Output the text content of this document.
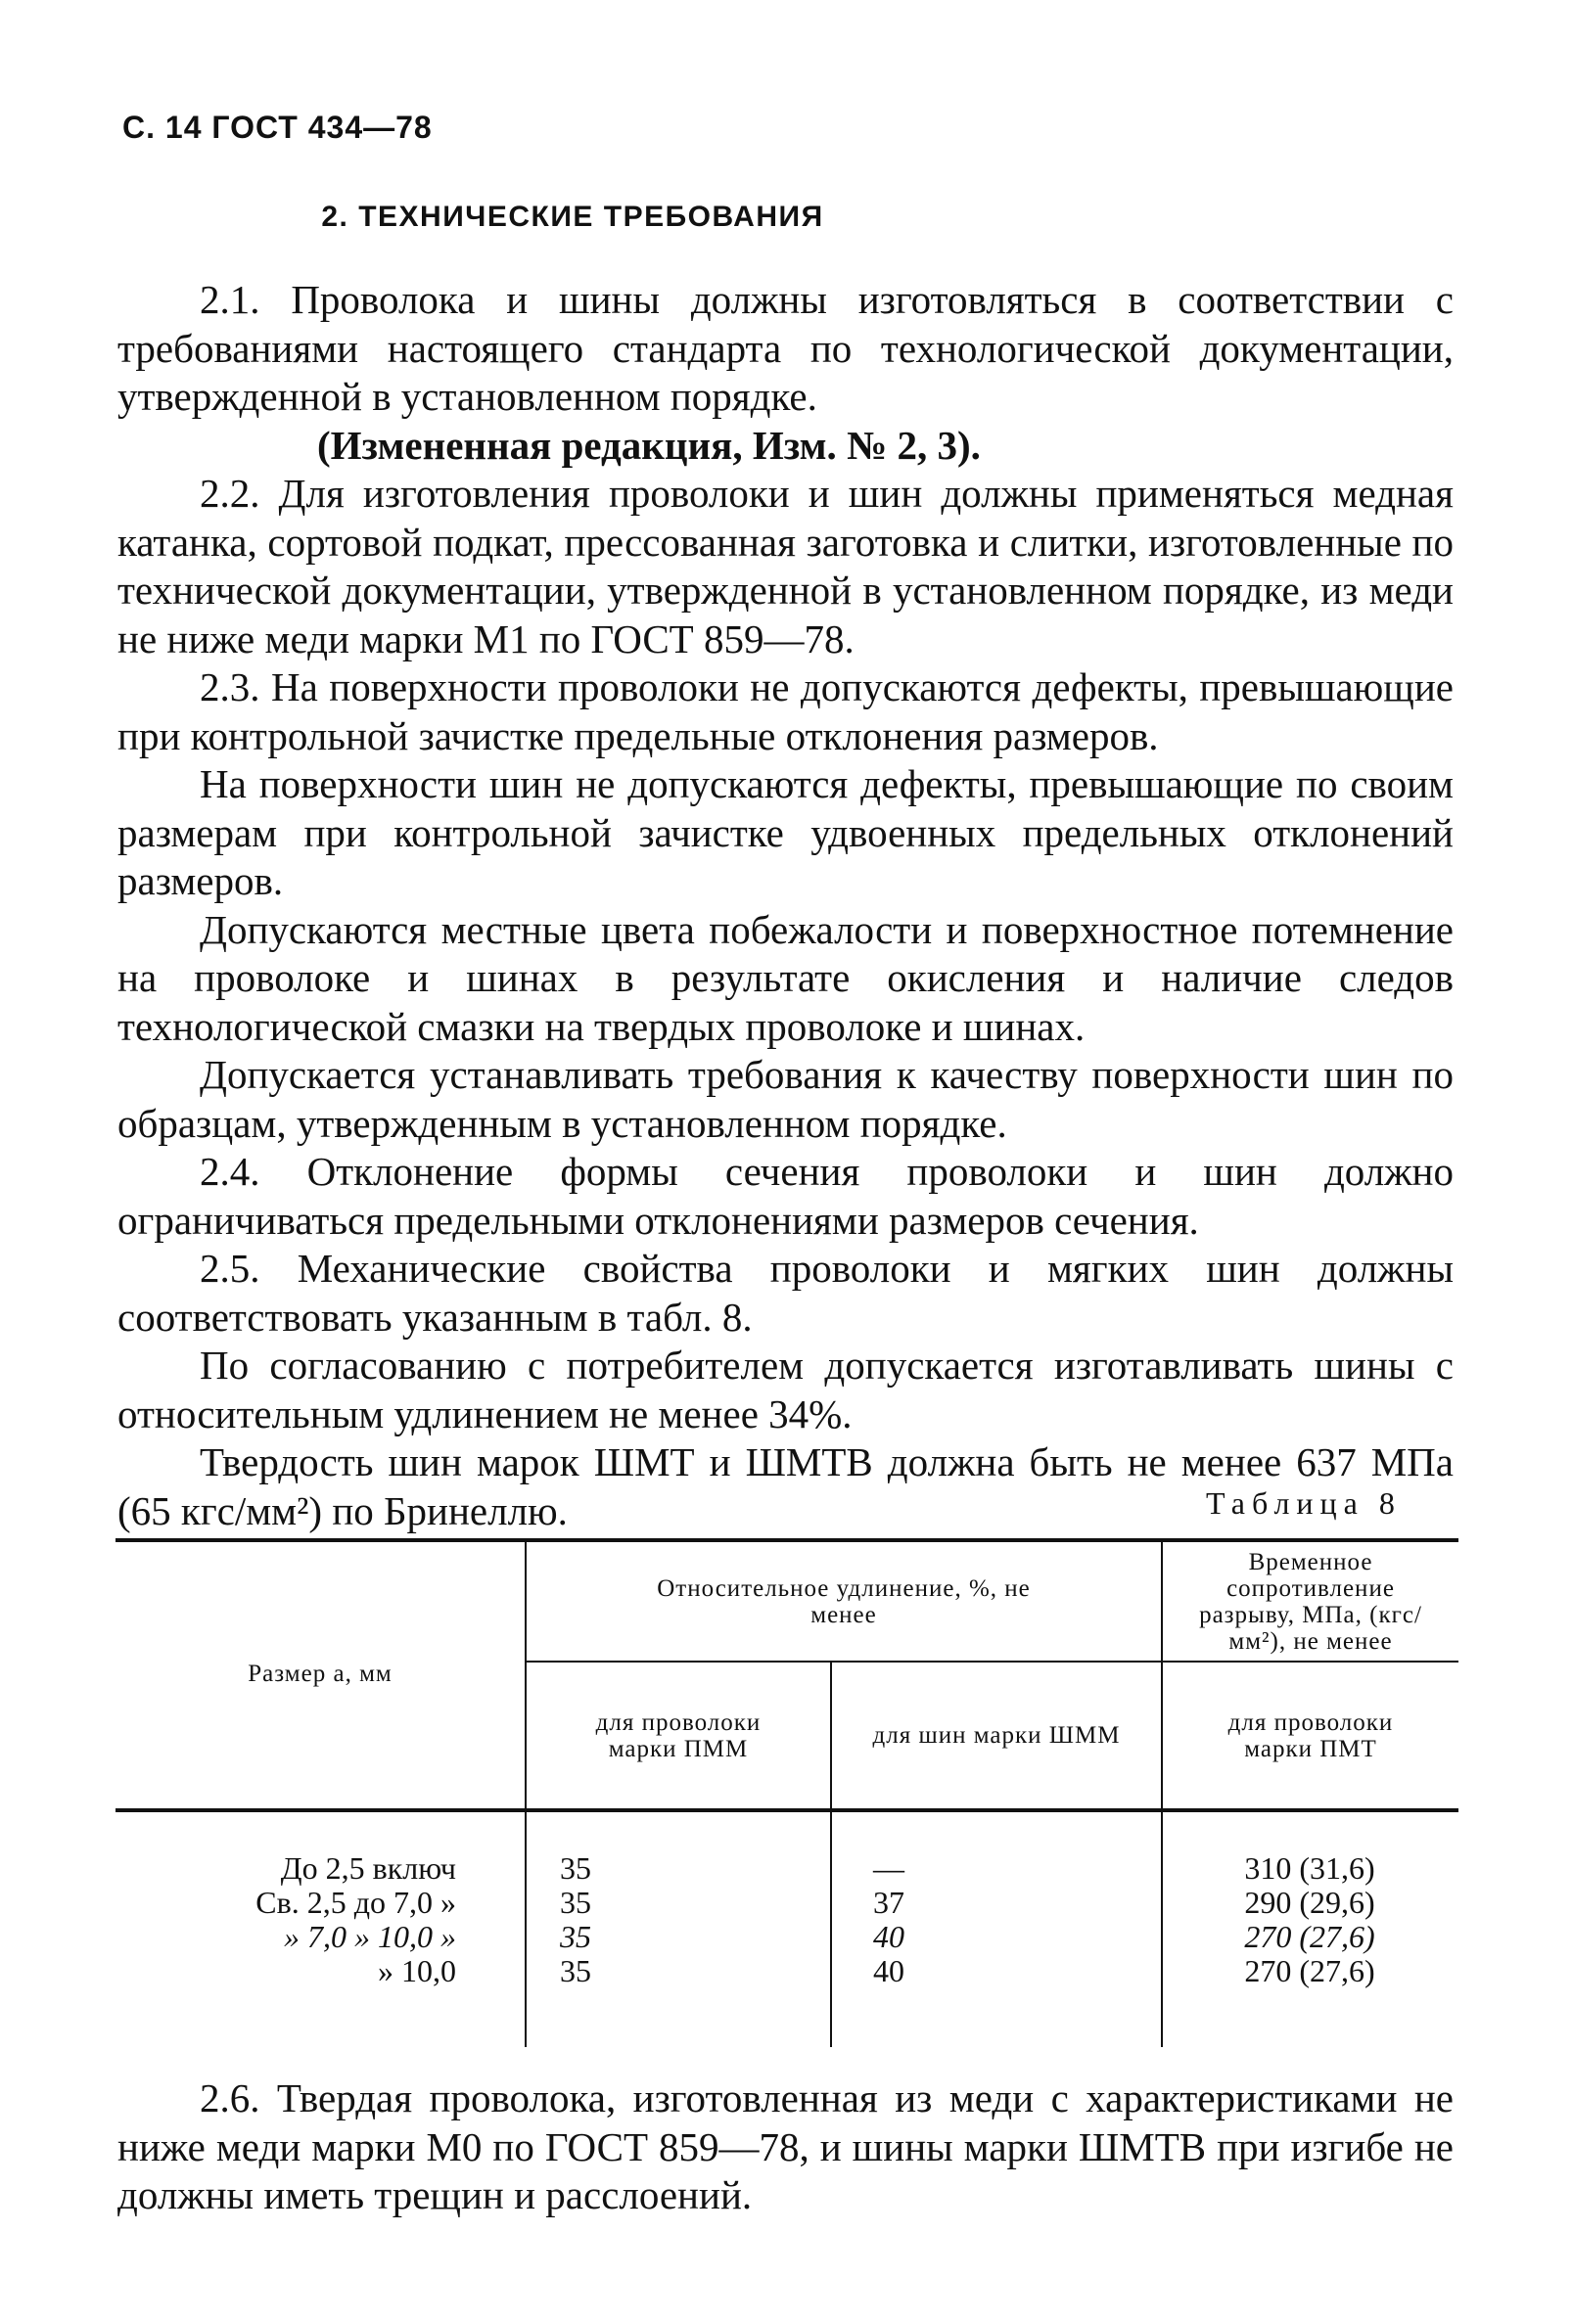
С. 14 ГОСТ 434—78
2. ТЕХНИЧЕСКИЕ ТРЕБОВАНИЯ

2.1. Проволока и шины должны изготовляться в соответствии с требованиями настоящего стандарта по технологической документации, утвержденной в установленном порядке.

(Измененная редакция, Изм. № 2, 3).

2.2. Для изготовления проволоки и шин должны применяться медная катанка, сортовой подкат, прессованная заготовка и слитки, изготовленные по технической документации, утвержденной в установленном порядке, из меди не ниже меди марки М1 по ГОСТ 859—78.

2.3. На поверхности проволоки не допускаются дефекты, превышающие при контрольной зачистке предельные отклонения размеров.

На поверхности шин не допускаются дефекты, превышающие по своим размерам при контрольной зачистке удвоенных предельных отклонений размеров.

Допускаются местные цвета побежалости и поверхностное потемнение на проволоке и шинах в результате окисления и наличие следов технологической смазки на твердых проволоке и шинах.

Допускается устанавливать требования к качеству поверхности шин по образцам, утвержденным в установленном порядке.

2.4. Отклонение формы сечения проволоки и шин должно ограничиваться предельными отклонениями размеров сечения.

2.5. Механические свойства проволоки и мягких шин должны соответствовать указанным в табл. 8.

По согласованию с потребителем допускается изготавливать шины с относительным удлинением не менее 34%.

Твердость шин марок ШМТ и ШМТВ должна быть не менее 637 МПа (65 кгс/мм²) по Бринеллю.	Таблица 8
Размер a, мм
Относительное удлинение, %, не менее
Временное сопротивление разрыву, МПа, (кгс/мм²), не менее
для проволоки марки ПММ	для шин марки ШММ	для проволоки марки ПМТ
До 2,5 включ	35	—	310 (31,6)
Св. 2,5 до 7,0 »	35	37	290 (29,6)
» 7,0 » 10,0 »	35	40	270 (27,6)
» 10,0	35	40	270 (27,6)

2.6. Твердая проволока, изготовленная из меди с характеристиками не ниже меди марки М0 по ГОСТ 859—78, и шины марки ШМТВ при изгибе не должны иметь трещин и расслоений.
